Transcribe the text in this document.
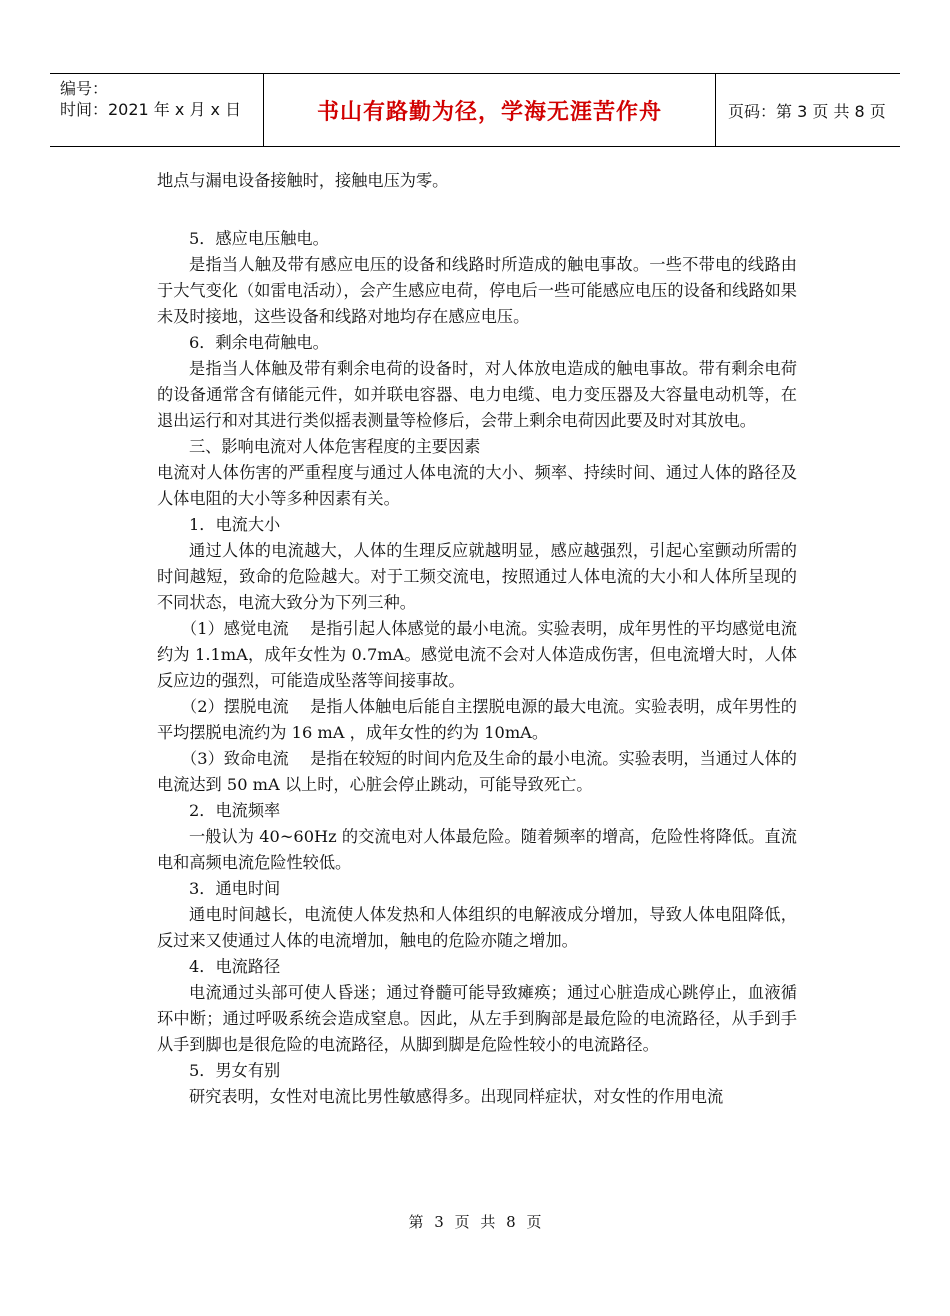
编号：
时间：2021 年 x 月 x 日	书山有路勤为径，学海无涯苦作舟	页码：第 3 页 共 8 页

地点与漏电设备接触时，接触电压为零。

5．感应电压触电。

是指当人触及带有感应电压的设备和线路时所造成的触电事故。一些不带电的线路由于大气变化（如雷电活动），会产生感应电荷，停电后一些可能感应电压的设备和线路如果未及时接地，这些设备和线路对地均存在感应电压。

6．剩余电荷触电。

是指当人体触及带有剩余电荷的设备时，对人体放电造成的触电事故。带有剩余电荷的设备通常含有储能元件，如并联电容器、电力电缆、电力变压器及大容量电动机等，在退出运行和对其进行类似摇表测量等检修后，会带上剩余电荷因此要及时对其放电。

三、影响电流对人体危害程度的主要因素

电流对人体伤害的严重程度与通过人体电流的大小、频率、持续时间、通过人体的路径及人体电阻的大小等多种因素有关。

1．电流大小

通过人体的电流越大，人体的生理反应就越明显，感应越强烈，引起心室颤动所需的时间越短，致命的危险越大。对于工频交流电，按照通过人体电流的大小和人体所呈现的不同状态，电流大致分为下列三种。

（1）感觉电流　 是指引起人体感觉的最小电流。实验表明，成年男性的平均感觉电流约为 1.1mA，成年女性为 0.7mA。感觉电流不会对人体造成伤害，但电流增大时，人体反应边的强烈，可能造成坠落等间接事故。

（2）摆脱电流　 是指人体触电后能自主摆脱电源的最大电流。实验表明，成年男性的平均摆脱电流约为 16 mA ，成年女性的约为 10mA。

（3）致命电流　 是指在较短的时间内危及生命的最小电流。实验表明，当通过人体的电流达到 50 mA 以上时，心脏会停止跳动，可能导致死亡。

2．电流频率

一般认为 40~60Hz 的交流电对人体最危险。随着频率的增高，危险性将降低。直流电和高频电流危险性较低。

3．通电时间

通电时间越长，电流使人体发热和人体组织的电解液成分增加，导致人体电阻降低，反过来又使通过人体的电流增加，触电的危险亦随之增加。

4．电流路径

电流通过头部可使人昏迷；通过脊髓可能导致瘫痪；通过心脏造成心跳停止，血液循环中断；通过呼吸系统会造成窒息。因此，从左手到胸部是最危险的电流路径，从手到手从手到脚也是很危险的电流路径，从脚到脚是危险性较小的电流路径。

5．男女有别

研究表明，女性对电流比男性敏感得多。出现同样症状，对女性的作用电流

第 3 页 共 8 页
